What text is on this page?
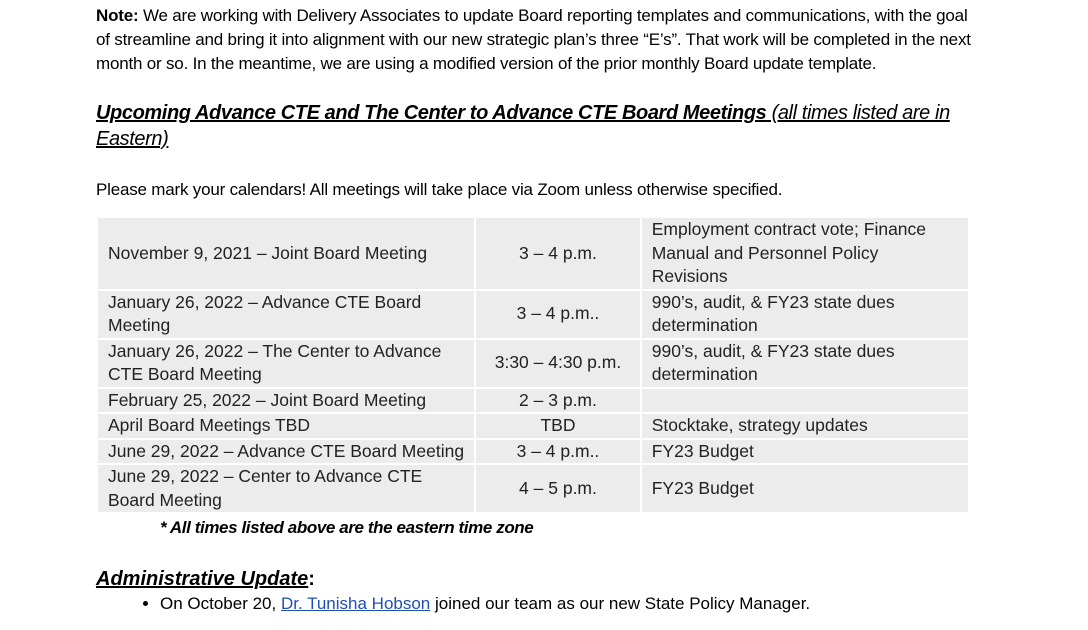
Note: We are working with Delivery Associates to update Board reporting templates and communications, with the goal of streamline and bring it into alignment with our new strategic plan’s three “E’s”. That work will be completed in the next month or so. In the meantime, we are using a modified version of the prior monthly Board update template.

Upcoming Advance CTE and The Center to Advance CTE Board Meetings (all times listed are in Eastern)

Please mark your calendars! All meetings will take place via Zoom unless otherwise specified.

November 9, 2021 – Joint Board Meeting	3 – 4 p.m.	Employment contract vote; Finance Manual and Personnel Policy Revisions
January 26, 2022 – Advance CTE Board Meeting	3 – 4 p.m..	990’s, audit, & FY23 state dues determination
January 26, 2022 – The Center to Advance CTE Board Meeting	3:30 – 4:30 p.m.	990’s, audit, & FY23 state dues determination
February 25, 2022 – Joint Board Meeting	2 – 3 p.m.	
April Board Meetings TBD	TBD	Stocktake, strategy updates
June 29, 2022 – Advance CTE Board Meeting	3 – 4 p.m..	FY23 Budget
June 29, 2022 – Center to Advance CTE Board Meeting	4 – 5 p.m.	FY23 Budget

* All times listed above are the eastern time zone

Administrative Update:
• On October 20, Dr. Tunisha Hobson joined our team as our new State Policy Manager.
